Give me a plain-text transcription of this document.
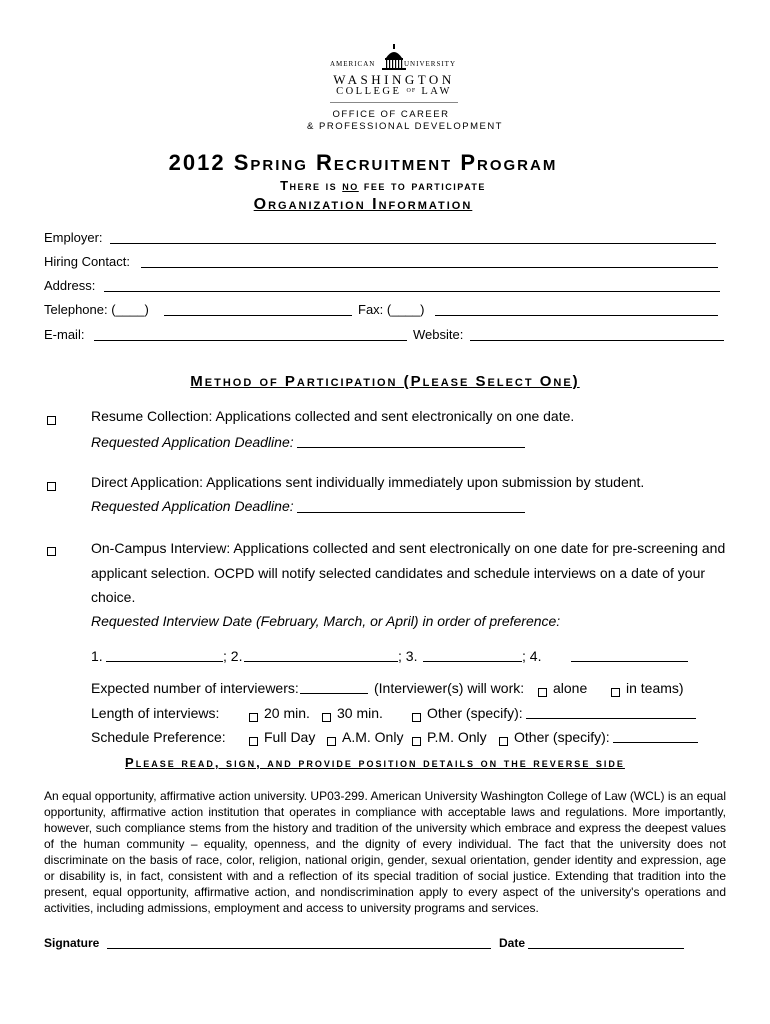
AMERICAN	UNIVERSITY
WASHINGTON
COLLEGE OF LAW
OFFICE OF CAREER
& PROFESSIONAL DEVELOPMENT
2012 Spring Recruitment Program
There is no fee to participate
Organization Information
Employer:
Hiring Contact:
Address:
Telephone: (____)	Fax: (____)
E-mail:	Website:
Method of Participation (Please Select One)
Resume Collection: Applications collected and sent electronically on one date.
Requested Application Deadline:
Direct Application: Applications sent individually immediately upon submission by student.
Requested Application Deadline:
On-Campus Interview: Applications collected and sent electronically on one date for pre-screening and
applicant selection. OCPD will notify selected candidates and schedule interviews on a date of your
choice.
Requested Interview Date (February, March, or April) in order of preference:
1.	; 2.	; 3.	; 4.
Expected number of interviewers:	(Interviewer(s) will work: alone	in teams)
Length of interviews:	20 min. 30 min.	Other (specify):
Schedule Preference:	Full Day A.M. Only P.M. Only Other (specify):
Please read, sign, and provide position details on the reverse side
An equal opportunity, affirmative action university. UP03-299. American University Washington College of Law (WCL) is an equal opportunity, affirmative action institution that operates in compliance with acceptable laws and regulations. More importantly, however, such compliance stems from the history and tradition of the university which embrace and express the deepest values of the human community – equality, openness, and the dignity of every individual. The fact that the university does not discriminate on the basis of race, color, religion, national origin, gender, sexual orientation, gender identity and expression, age or disability is, in fact, consistent with and a reflection of its special tradition of social justice. Extending that tradition into the present, equal opportunity, affirmative action, and nondiscrimination apply to every aspect of the university's operations and activities, including admissions, employment and access to university programs and services.
Signature	Date
